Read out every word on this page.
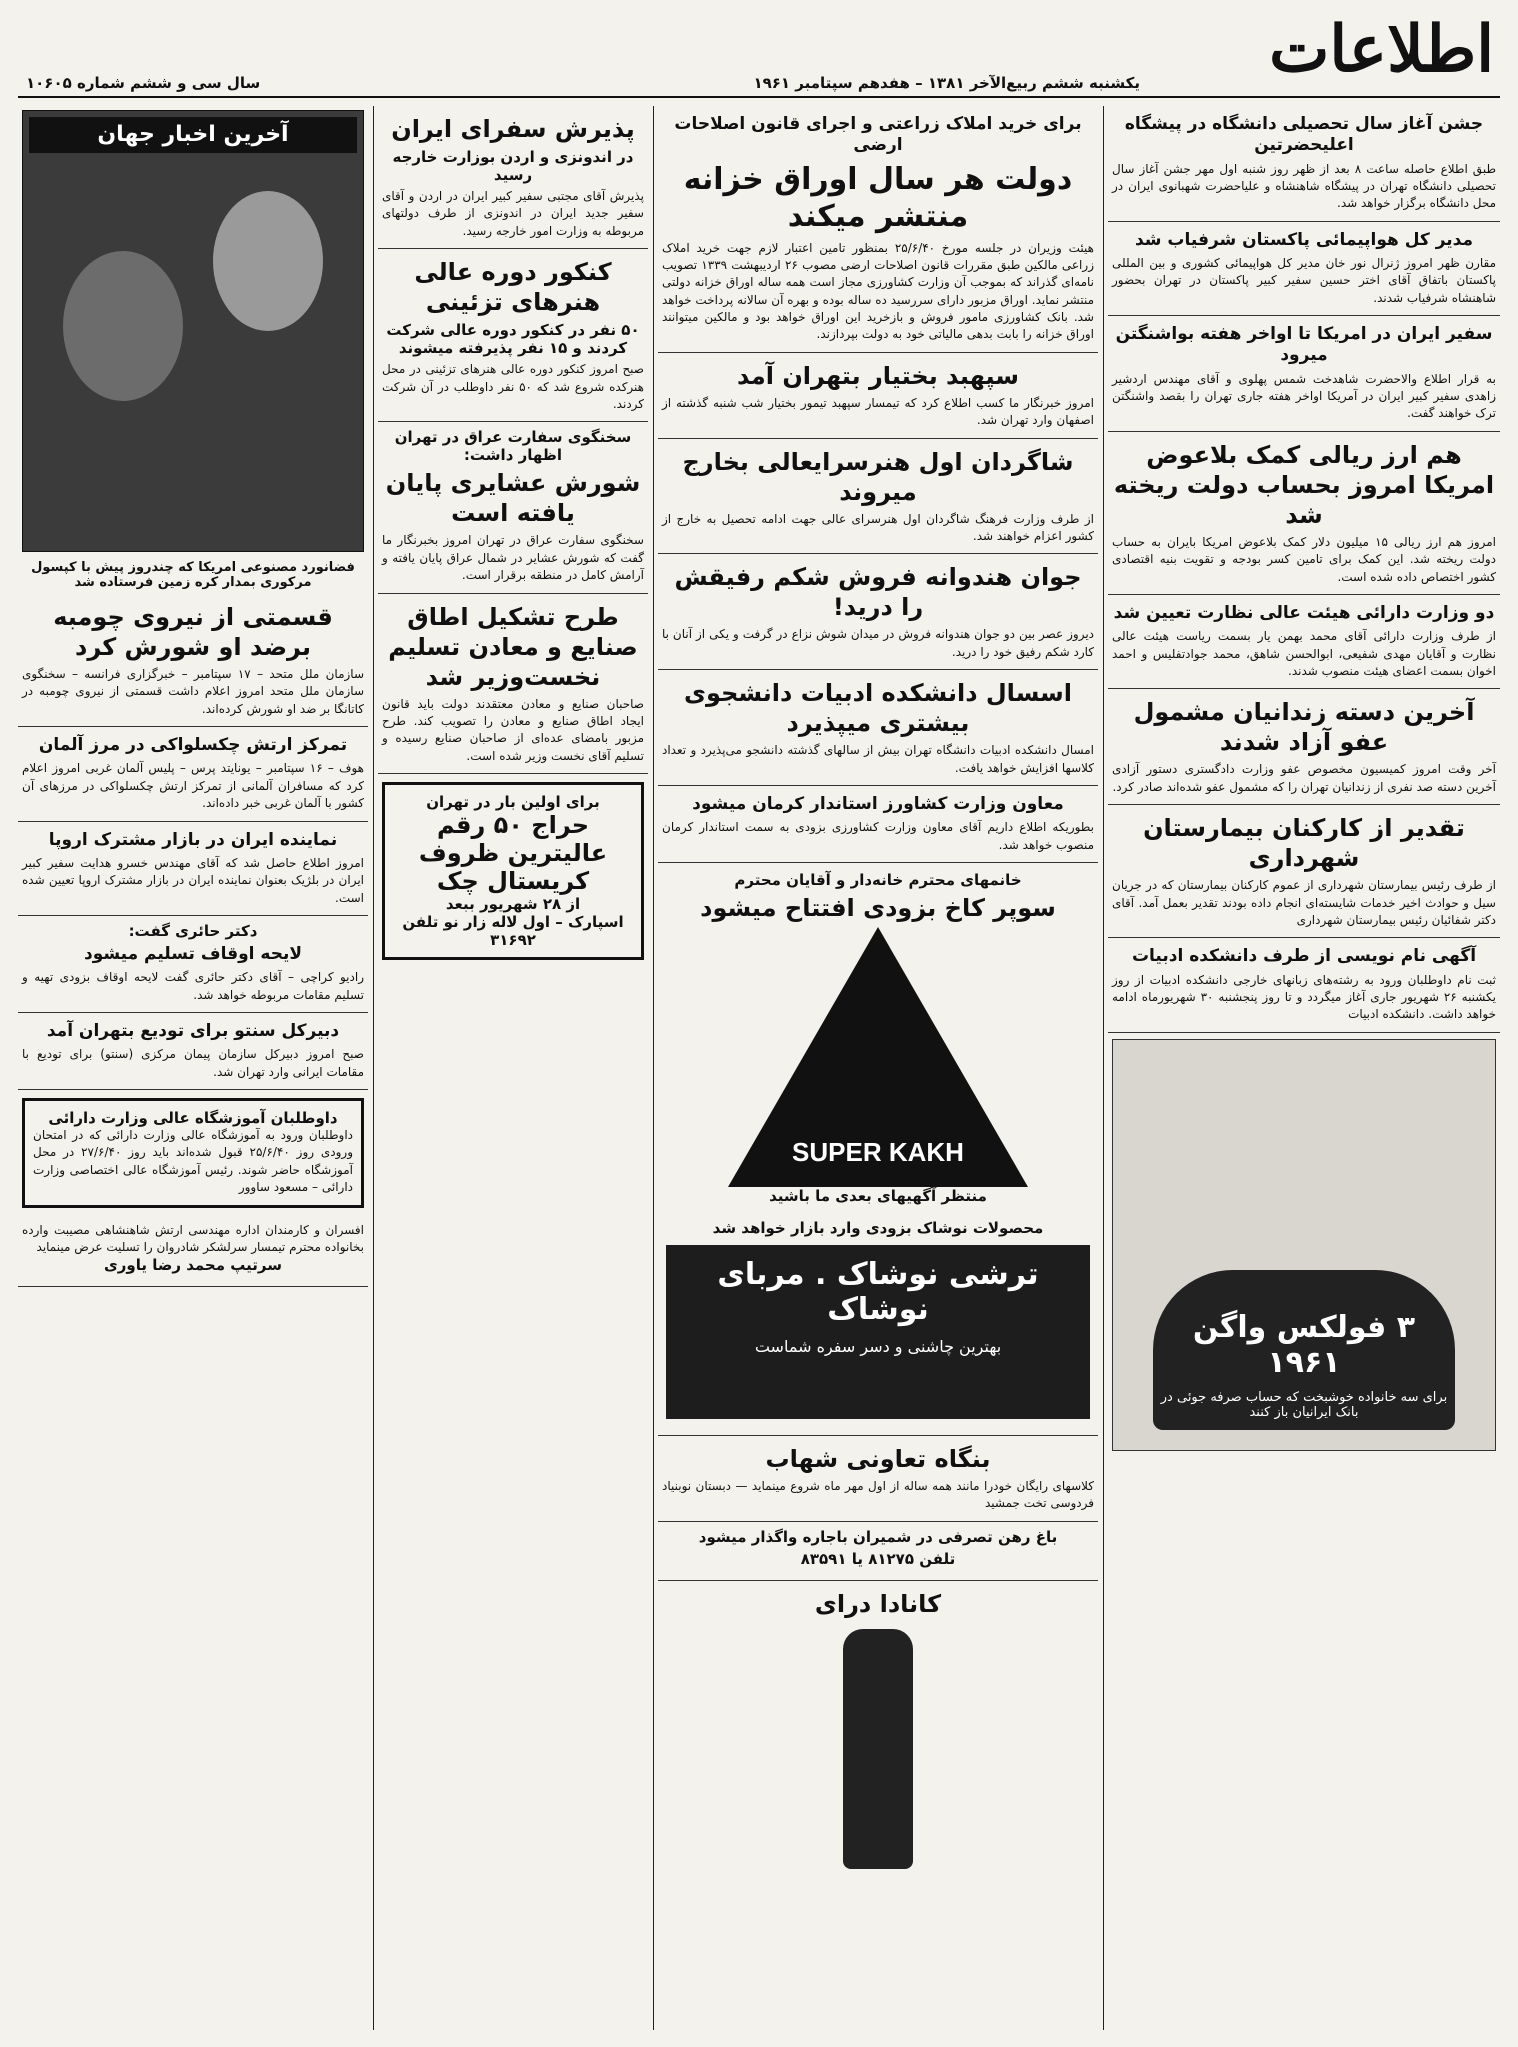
اطلاعات
یکشنبه ششم ربیع‌الآخر ۱۳۸۱ – هفدهم سپتامبر ۱۹۶۱
سال سی و ششم شماره ۱۰۶۰۵
جشن آغاز سال تحصیلی دانشگاه در پیشگاه اعلیحضرتین

طبق اطلاع حاصله ساعت ۸ بعد از ظهر روز شنبه اول مهر جشن آغاز سال تحصیلی دانشگاه تهران در پیشگاه شاهنشاه و علیاحضرت شهبانوی ایران در محل دانشگاه برگزار خواهد شد.

مدیر کل هواپیمائی پاکستان شرفیاب شد

مقارن ظهر امروز ژنرال نور خان مدیر کل هواپیمائی کشوری و بین المللی پاکستان باتفاق آقای اختر حسین سفیر کبیر پاکستان در تهران بحضور شاهنشاه شرفیاب شدند.

سفیر ایران در امریکا تا اواخر هفته بواشنگتن میرود

به قرار اطلاع والاحضرت شاهدخت شمس پهلوی و آقای مهندس اردشیر زاهدی سفیر کبیر ایران در آمریکا اواخر هفته جاری تهران را بقصد واشنگتن ترک خواهند گفت.

هم ارز ریالی کمک بلاعوض امریکا امروز بحساب دولت ریخته شد

امروز هم ارز ریالی ۱۵ میلیون دلار کمک بلاعوض امریکا بایران به حساب دولت ریخته شد. این کمک برای تامین کسر بودجه و تقویت بنیه اقتصادی کشور اختصاص داده شده است.

دو وزارت دارائی هیئت عالی نظارت تعیین شد

از طرف وزارت دارائی آقای محمد بهمن یار بسمت ریاست هیئت عالی نظارت و آقایان مهدی شفیعی، ابوالحسن شاهق، محمد جوادتفلیس و احمد اخوان بسمت اعضای هیئت منصوب شدند.

آخرین دسته زندانیان مشمول عفو آزاد شدند

آخر وقت امروز کمیسیون مخصوص عفو وزارت دادگستری دستور آزادی آخرین دسته صد نفری از زندانیان تهران را که مشمول عفو شده‌اند صادر کرد.

تقدیر از کارکنان بیمارستان شهرداری

از طرف رئیس بیمارستان شهرداری از عموم کارکنان بیمارستان که در جریان سیل و حوادث اخیر خدمات شایسته‌ای انجام داده بودند تقدیر بعمل آمد. آقای دکتر شفائیان رئیس بیمارستان شهرداری

آگهی نام نویسی از طرف دانشکده ادبیات

ثبت نام داوطلبان ورود به رشته‌های زبانهای خارجی دانشکده ادبیات از روز یکشنبه ۲۶ شهریور جاری آغاز میگردد و تا روز پنجشنبه ۳۰ شهریورماه ادامه خواهد داشت. دانشکده ادبیات

۳ فولکس واگن ۱۹۶۱
برای سه خانواده خوشبخت که حساب صرفه جوئی در بانک ایرانیان باز کنند
برای خرید املاک زراعتی و اجرای قانون اصلاحات ارضی
دولت هر سال اوراق خزانه منتشر میکند

هیئت وزیران در جلسه مورخ ۲۵/۶/۴۰ بمنظور تامین اعتبار لازم جهت خرید املاک زراعی مالکین طبق مقررات قانون اصلاحات ارضی مصوب ۲۶ اردیبهشت ۱۳۳۹ تصویب نامه‌ای گذراند که بموجب آن وزارت کشاورزی مجاز است همه ساله اوراق خزانه دولتی منتشر نماید. اوراق مزبور دارای سررسید ده ساله بوده و بهره آن سالانه پرداخت خواهد شد. بانک کشاورزی مامور فروش و بازخرید این اوراق خواهد بود و مالکین میتوانند اوراق خزانه را بابت بدهی مالیاتی خود به دولت بپردازند.

سپهبد بختیار بتهران آمد

امروز خبرنگار ما کسب اطلاع کرد که تیمسار سپهبد تیمور بختیار شب شنبه گذشته از اصفهان وارد تهران شد.

شاگردان اول هنرسرایعالی بخارج میروند

از طرف وزارت فرهنگ شاگردان اول هنرسرای عالی جهت ادامه تحصیل به خارج از کشور اعزام خواهند شد.

جوان هندوانه فروش شکم رفیقش را درید!

دیروز عصر بین دو جوان هندوانه فروش در میدان شوش نزاع در گرفت و یکی از آنان با کارد شکم رفیق خود را درید.

اسسال دانشکده ادبیات دانشجوی بیشتری میپذیرد

امسال دانشکده ادبیات دانشگاه تهران بیش از سالهای گذشته دانشجو می‌پذیرد و تعداد کلاسها افزایش خواهد یافت.

معاون وزارت کشاورز استاندار کرمان میشود

بطوریکه اطلاع داریم آقای معاون وزارت کشاورزی بزودی به سمت استاندار کرمان منصوب خواهد شد.

خانمهای محترم خانه‌دار و آقایان محترم
سوپر کاخ بزودی افتتاح میشود
SUPER KAKH
منتظر آگهیهای بعدی ما باشید
محصولات نوشاک بزودی وارد بازار خواهد شد
ترشی نوشاک . مربای نوشاک
بهترین چاشنی و دسر سفره شماست
بنگاه تعاونی شهاب

کلاسهای رایگان خودرا مانند همه ساله از اول مهر ماه شروع مینماید — دبستان نوبنیاد فردوسی تخت جمشید

باغ رهن تصرفی در شمیران باجاره واگذار میشود
تلفن ۸۱۲۷۵ یا ۸۳۵۹۱
کانادا درای
پذیرش سفرای ایران
در اندونزی و اردن بوزارت خارجه رسید

پذیرش آقای مجتبی سفیر کبیر ایران در اردن و آقای سفیر جدید ایران در اندونزی از طرف دولتهای مربوطه به وزارت امور خارجه رسید.

کنکور دوره عالی هنرهای تزئینی
۵۰ نفر در کنکور دوره عالی شرکت کردند و ۱۵ نفر پذیرفته میشوند

صبح امروز کنکور دوره عالی هنرهای تزئینی در محل هنرکده شروع شد که ۵۰ نفر داوطلب در آن شرکت کردند.

سخنگوی سفارت عراق در تهران اظهار داشت:
شورش عشایری پایان یافته است

سخنگوی سفارت عراق در تهران امروز بخبرنگار ما گفت که شورش عشایر در شمال عراق پایان یافته و آرامش کامل در منطقه برقرار است.

طرح تشکیل اطاق صنایع و معادن تسلیم نخست‌وزیر شد

صاحبان صنایع و معادن معتقدند دولت باید قانون ایجاد اطاق صنایع و معادن را تصویب کند. طرح مزبور بامضای عده‌ای از صاحبان صنایع رسیده و تسلیم آقای نخست وزیر شده است.

برای اولین بار در تهران
حراج ۵۰ رقم
عالیترین ظروف کریستال چک
از ۲۸ شهریور ببعد
اسپارک – اول لاله زار نو تلفن ۳۱۶۹۲
آخرین اخبار جهان
فضانورد مصنوعی امریکا که چندروز پیش با کپسول مرکوری بمدار کره زمین فرستاده شد
قسمتی از نیروی چومبه برضد او شورش کرد

سازمان ملل متحد – ۱۷ سپتامبر – خبرگزاری فرانسه – سخنگوی سازمان ملل متحد امروز اعلام داشت قسمتی از نیروی چومبه در کاتانگا بر ضد او شورش کرده‌اند.

تمرکز ارتش چکسلواکی در مرز آلمان

هوف – ۱۶ سپتامبر – یونایتد پرس – پلیس آلمان غربی امروز اعلام کرد که مسافران آلمانی از تمرکز ارتش چکسلواکی در مرزهای آن کشور با آلمان غربی خبر داده‌اند.

نماینده ایران در بازار مشترک اروپا

امروز اطلاع حاصل شد که آقای مهندس خسرو هدایت سفیر کبیر ایران در بلژیک بعنوان نماینده ایران در بازار مشترک اروپا تعیین شده است.

دکتر حائری گفت:
لایحه اوقاف تسلیم میشود

رادیو کراچی – آقای دکتر حائری گفت لایحه اوقاف بزودی تهیه و تسلیم مقامات مربوطه خواهد شد.

دبیرکل سنتو برای تودیع بتهران آمد

صبح امروز دبیرکل سازمان پیمان مرکزی (سنتو) برای تودیع با مقامات ایرانی وارد تهران شد.

داوطلبان آموزشگاه عالی وزارت دارائی

داوطلبان ورود به آموزشگاه عالی وزارت دارائی که در امتحان ورودی روز ۲۵/۶/۴۰ قبول شده‌اند باید روز ۲۷/۶/۴۰ در محل آموزشگاه حاضر شوند. رئیس آموزشگاه عالی اختصاصی وزارت دارائی – مسعود ساوور

افسران و کارمندان اداره مهندسی ارتش شاهنشاهی مصیبت وارده بخانواده محترم تیمسار سرلشکر شادروان را تسلیت عرض مینماید

سرتیپ محمد رضا یاوری
